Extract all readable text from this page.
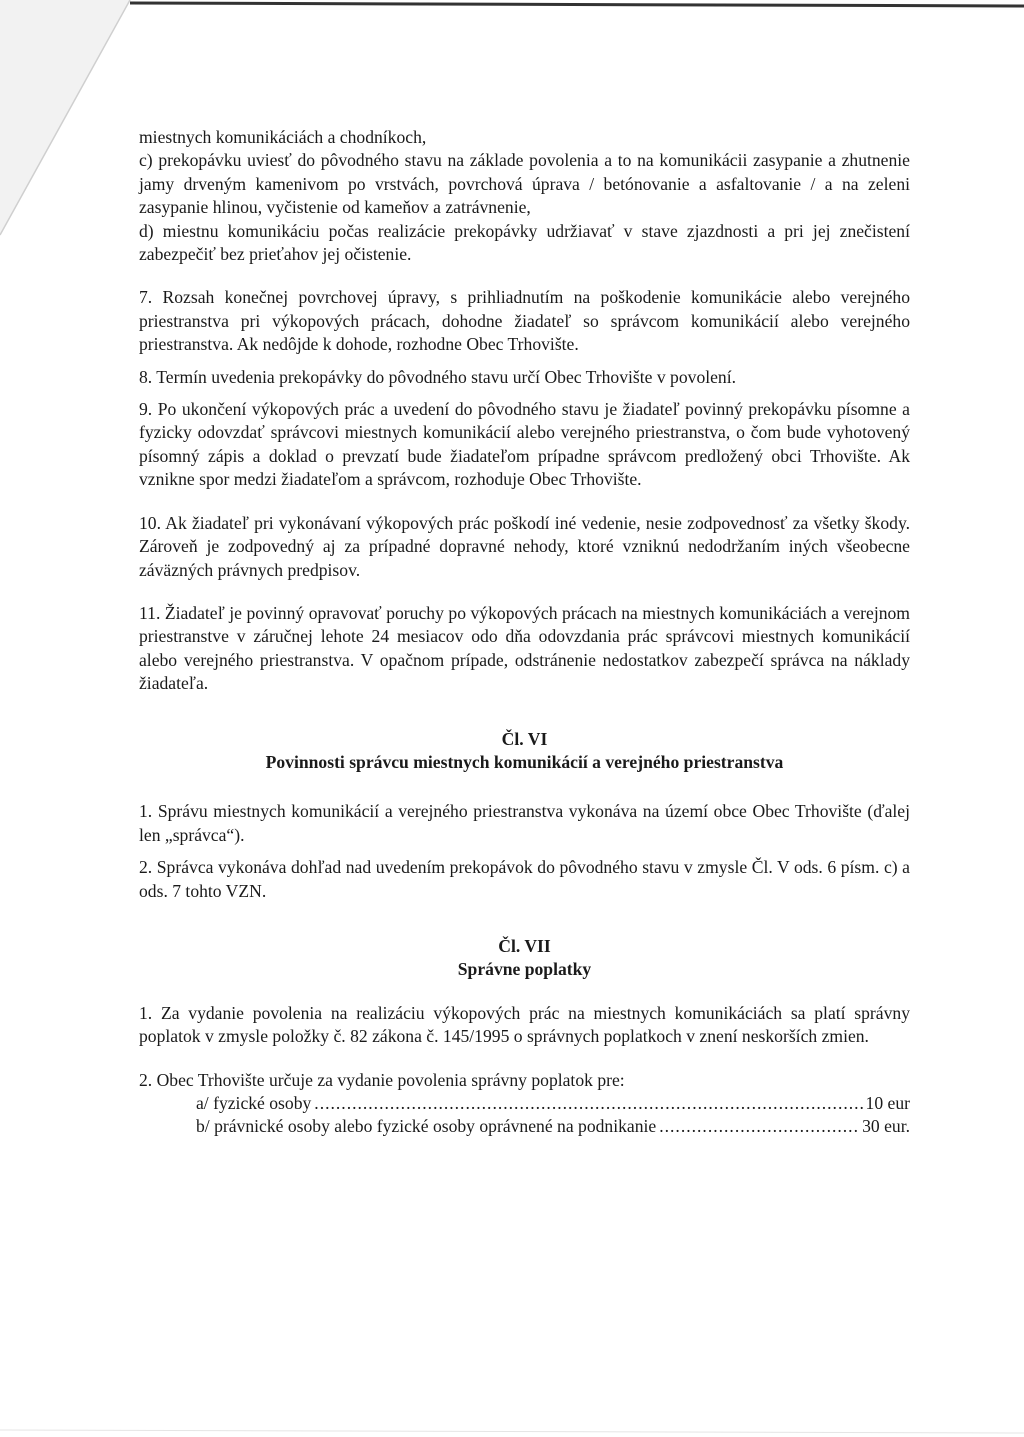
miestnych komunikáciách a chodníkoch,

c) prekopávku uviesť do pôvodného stavu na základe povolenia a to na komunikácii zasypanie a zhutnenie jamy drveným kamenivom po vrstvách, povrchová úprava / betónovanie a asfaltovanie / a na zeleni zasypanie hlinou, vyčistenie od kameňov a zatrávnenie,

d) miestnu komunikáciu počas realizácie prekopávky udržiavať v stave zjazdnosti a pri jej znečistení zabezpečiť bez prieťahov jej očistenie.

7. Rozsah konečnej povrchovej úpravy, s prihliadnutím na poškodenie komunikácie alebo verejného priestranstva pri výkopových prácach, dohodne žiadateľ so správcom komunikácií alebo verejného priestranstva. Ak nedôjde k dohode, rozhodne Obec Trhovište.

8. Termín uvedenia prekopávky do pôvodného stavu určí Obec Trhovište v povolení.

9. Po ukončení výkopových prác a uvedení do pôvodného stavu je žiadateľ povinný prekopávku písomne a fyzicky odovzdať správcovi miestnych komunikácií alebo verejného priestranstva, o čom bude vyhotovený písomný zápis a doklad o prevzatí bude žiadateľom prípadne správcom predložený obci Trhovište. Ak vznikne spor medzi žiadateľom a správcom, rozhoduje Obec Trhovište.

10. Ak žiadateľ pri vykonávaní výkopových prác poškodí iné vedenie, nesie zodpovednosť za všetky škody. Zároveň je zodpovedný aj za prípadné dopravné nehody, ktoré vzniknú nedodržaním iných všeobecne záväzných právnych predpisov.

11. Žiadateľ je povinný opravovať poruchy po výkopových prácach na miestnych komunikáciách a verejnom priestranstve v záručnej lehote 24 mesiacov odo dňa odovzdania prác správcovi miestnych komunikácií alebo verejného priestranstva. V opačnom prípade, odstránenie nedostatkov zabezpečí správca na náklady žiadateľa.

Čl. VI

Povinnosti správcu miestnych komunikácií a verejného priestranstva

1. Správu miestnych komunikácií a verejného priestranstva vykonáva na území obce Obec Trhovište (ďalej len „správca“).

2. Správca vykonáva dohľad nad uvedením prekopávok do pôvodného stavu v zmysle Čl. V ods. 6 písm. c) a ods. 7 tohto VZN.

Čl. VII

Správne poplatky

1. Za vydanie povolenia na realizáciu výkopových prác na miestnych komunikáciách sa platí správny poplatok v zmysle položky č. 82 zákona č. 145/1995 o správnych poplatkoch v znení neskorších zmien.

2. Obec Trhovište určuje za vydanie povolenia správny poplatok pre:

a/ fyzické osoby .....	10 eur
b/ právnické osoby alebo fyzické osoby oprávnené na podnikanie .....	30 eur.
